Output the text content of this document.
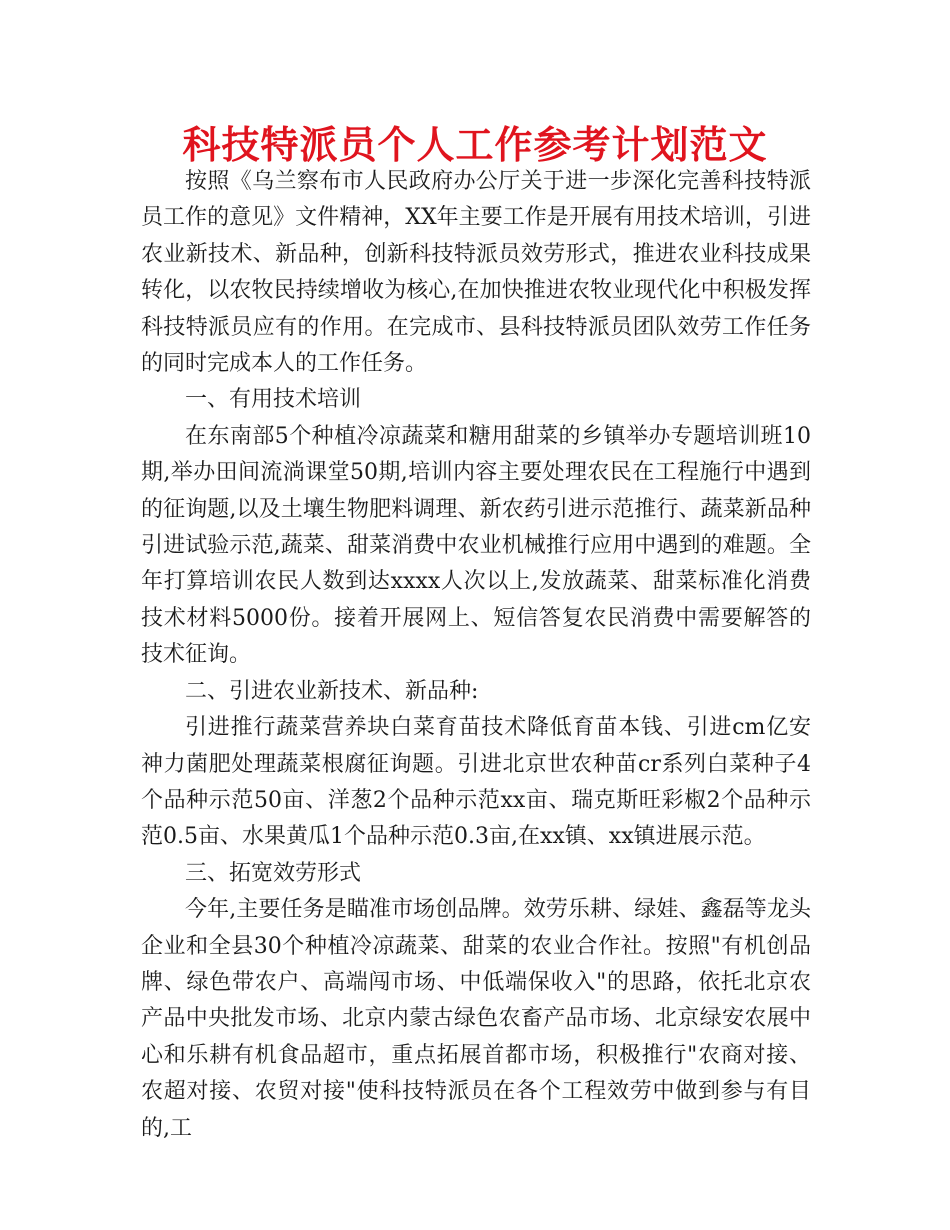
科技特派员个人工作参考计划范文

按照《乌兰察布市人民政府办公厅关于进一步深化完善科技特派员工作的意见》文件精神，XX年主要工作是开展有用技术培训，引进农业新技术、新品种，创新科技特派员效劳形式，推进农业科技成果转化，以农牧民持续增收为核心,在加快推进农牧业现代化中积极发挥科技特派员应有的作用。在完成市、县科技特派员团队效劳工作任务的同时完成本人的工作任务。

一、有用技术培训

在东南部5个种植冷凉蔬菜和糖用甜菜的乡镇举办专题培训班10期,举办田间流淌课堂50期,培训内容主要处理农民在工程施行中遇到的征询题,以及土壤生物肥料调理、新农药引进示范推行、蔬菜新品种引进试验示范,蔬菜、甜菜消费中农业机械推行应用中遇到的难题。全年打算培训农民人数到达xxxx人次以上,发放蔬菜、甜菜标准化消费技术材料5000份。接着开展网上、短信答复农民消费中需要解答的技术征询。

二、引进农业新技术、新品种:

引进推行蔬菜营养块白菜育苗技术降低育苗本钱、引进cm亿安神力菌肥处理蔬菜根腐征询题。引进北京世农种苗cr系列白菜种子4个品种示范50亩、洋葱2个品种示范xx亩、瑞克斯旺彩椒2个品种示范0.5亩、水果黄瓜1个品种示范0.3亩,在xx镇、xx镇进展示范。

三、拓宽效劳形式

今年,主要任务是瞄准市场创品牌。效劳乐耕、绿娃、鑫磊等龙头企业和全县30个种植冷凉蔬菜、甜菜的农业合作社。按照"有机创品牌、绿色带农户、高端闯市场、中低端保收入"的思路，依托北京农产品中央批发市场、北京内蒙古绿色农畜产品市场、北京绿安农展中心和乐耕有机食品超市，重点拓展首都市场，积极推行"农商对接、农超对接、农贸对接"使科技特派员在各个工程效劳中做到参与有目的,工
